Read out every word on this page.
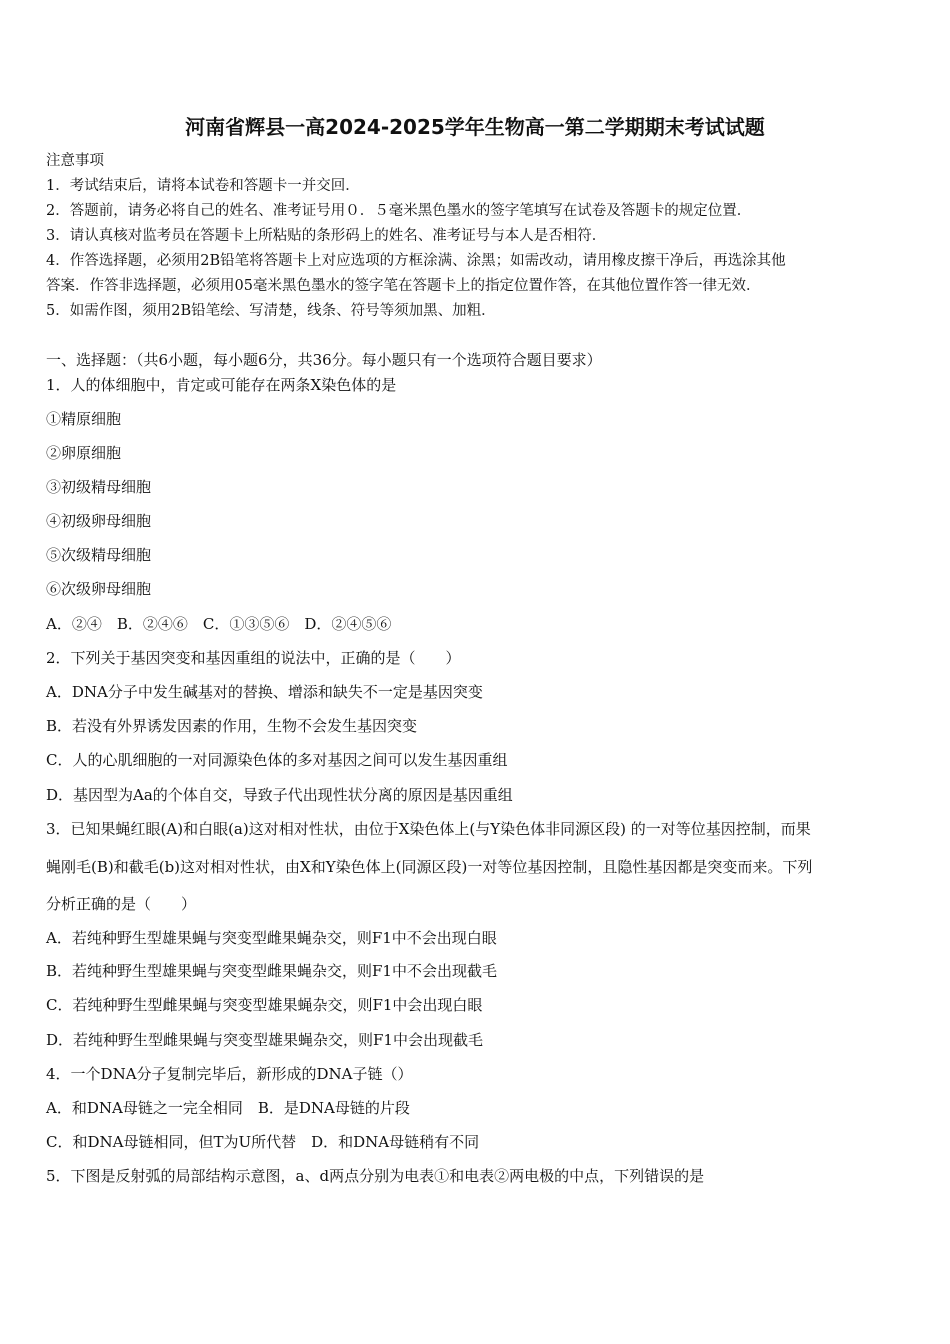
河南省辉县一高2024-2025学年生物高一第二学期期末考试试题
注意事项
1．考试结束后，请将本试卷和答题卡一并交回．
2．答题前，请务必将自己的姓名、准考证号用０．５毫米黑色墨水的签字笔填写在试卷及答题卡的规定位置．
3．请认真核对监考员在答题卡上所粘贴的条形码上的姓名、准考证号与本人是否相符．
4．作答选择题，必须用2B铅笔将答题卡上对应选项的方框涂满、涂黑；如需改动，请用橡皮擦干净后，再选涂其他
答案．作答非选择题，必须用05毫米黑色墨水的签字笔在答题卡上的指定位置作答，在其他位置作答一律无效．
5．如需作图，须用2B铅笔绘、写清楚，线条、符号等须加黑、加粗．
一、选择题：（共6小题，每小题6分，共36分。每小题只有一个选项符合题目要求）
1．人的体细胞中，肯定或可能存在两条X染色体的是
①精原细胞
②卵原细胞
③初级精母细胞
④初级卵母细胞
⑤次级精母细胞
⑥次级卵母细胞
A．②④　B．②④⑥　C．①③⑤⑥　D．②④⑤⑥
2．下列关于基因突变和基因重组的说法中，正确的是（　　）
A．DNA分子中发生碱基对的替换、增添和缺失不一定是基因突变
B．若没有外界诱发因素的作用，生物不会发生基因突变
C．人的心肌细胞的一对同源染色体的多对基因之间可以发生基因重组
D．基因型为Aa的个体自交，导致子代出现性状分离的原因是基因重组
3．已知果蝇红眼(A)和白眼(a)这对相对性状，由位于X染色体上(与Y染色体非同源区段) 的一对等位基因控制，而果
蝇刚毛(B)和截毛(b)这对相对性状，由X和Y染色体上(同源区段)一对等位基因控制，且隐性基因都是突变而来。下列
分析正确的是（　　）
A．若纯种野生型雄果蝇与突变型雌果蝇杂交，则F1中不会出现白眼
B．若纯种野生型雄果蝇与突变型雌果蝇杂交，则F1中不会出现截毛
C．若纯种野生型雌果蝇与突变型雄果蝇杂交，则F1中会出现白眼
D．若纯种野生型雌果蝇与突变型雄果蝇杂交，则F1中会出现截毛
4．一个DNA分子复制完毕后，新形成的DNA子链（）
A．和DNA母链之一完全相同　B．是DNA母链的片段
C．和DNA母链相同，但T为U所代替　D．和DNA母链稍有不同
5．下图是反射弧的局部结构示意图，a、d两点分别为电表①和电表②两电极的中点，下列错误的是
